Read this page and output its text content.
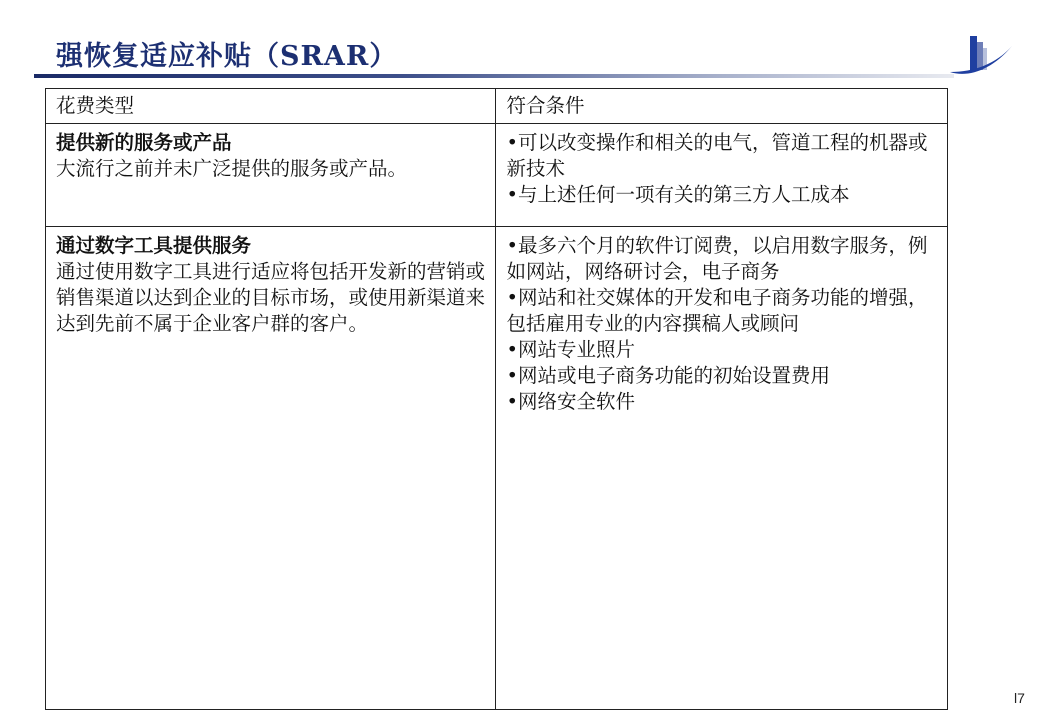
强恢复适应补贴（SRAR）
花费类型	符合条件

提供新的服务或产品
大流行之前并未广泛提供的服务或产品。	•可以改变操作和相关的电气，管道工程的机器或新技术
•与上述任何一项有关的第三方人工成本

通过数字工具提供服务
通过使用数字工具进行适应将包括开发新的营销或销售渠道以达到企业的目标市场，或使用新渠道来达到先前不属于企业客户群的客户。	•最多六个月的软件订阅费，以启用数字服务，例如网站，网络研讨会，电子商务
•网站和社交媒体的开发和电子商务功能的增强，包括雇用专业的内容撰稿人或顾问
•网站专业照片
•网站或电子商务功能的初始设置费用
•网络安全软件
l7
